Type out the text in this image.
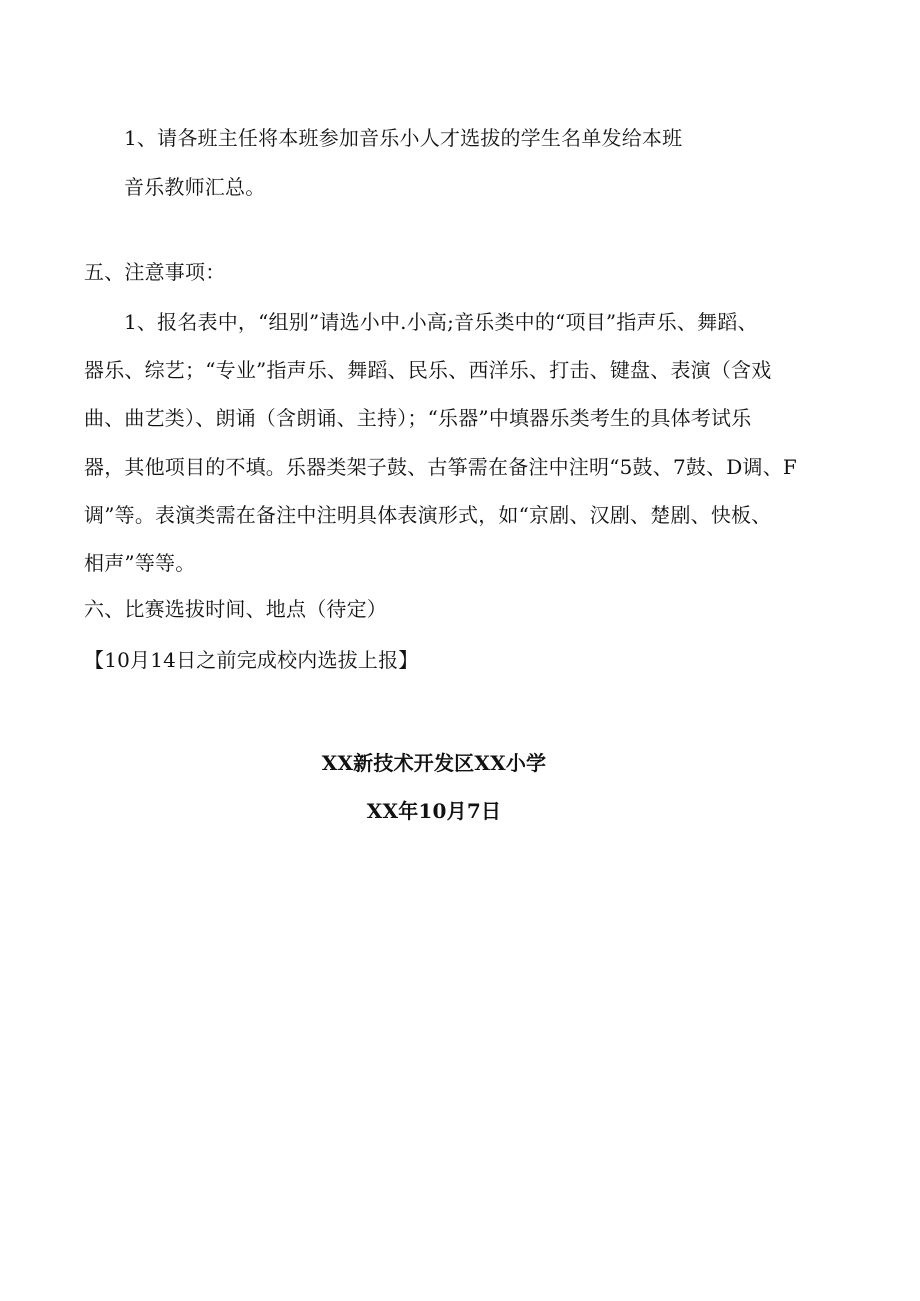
1、请各班主任将本班参加音乐小人才选拔的学生名单发给本班
音乐教师汇总。
五、注意事项：
1、报名表中，“组别”请选小中.小高;音乐类中的“项目”指声乐、舞蹈、
器乐、综艺；“专业”指声乐、舞蹈、民乐、西洋乐、打击、键盘、表演（含戏
曲、曲艺类）、朗诵（含朗诵、主持）；“乐器”中填器乐类考生的具体考试乐
器，其他项目的不填。乐器类架子鼓、古筝需在备注中注明“5鼓、7鼓、D调、F
调”等。表演类需在备注中注明具体表演形式，如“京剧、汉剧、楚剧、快板、
相声”等等。
六、比赛选拔时间、地点（待定）
【10月14日之前完成校内选拔上报】
XX新技术开发区XX小学
XX年10月7日
